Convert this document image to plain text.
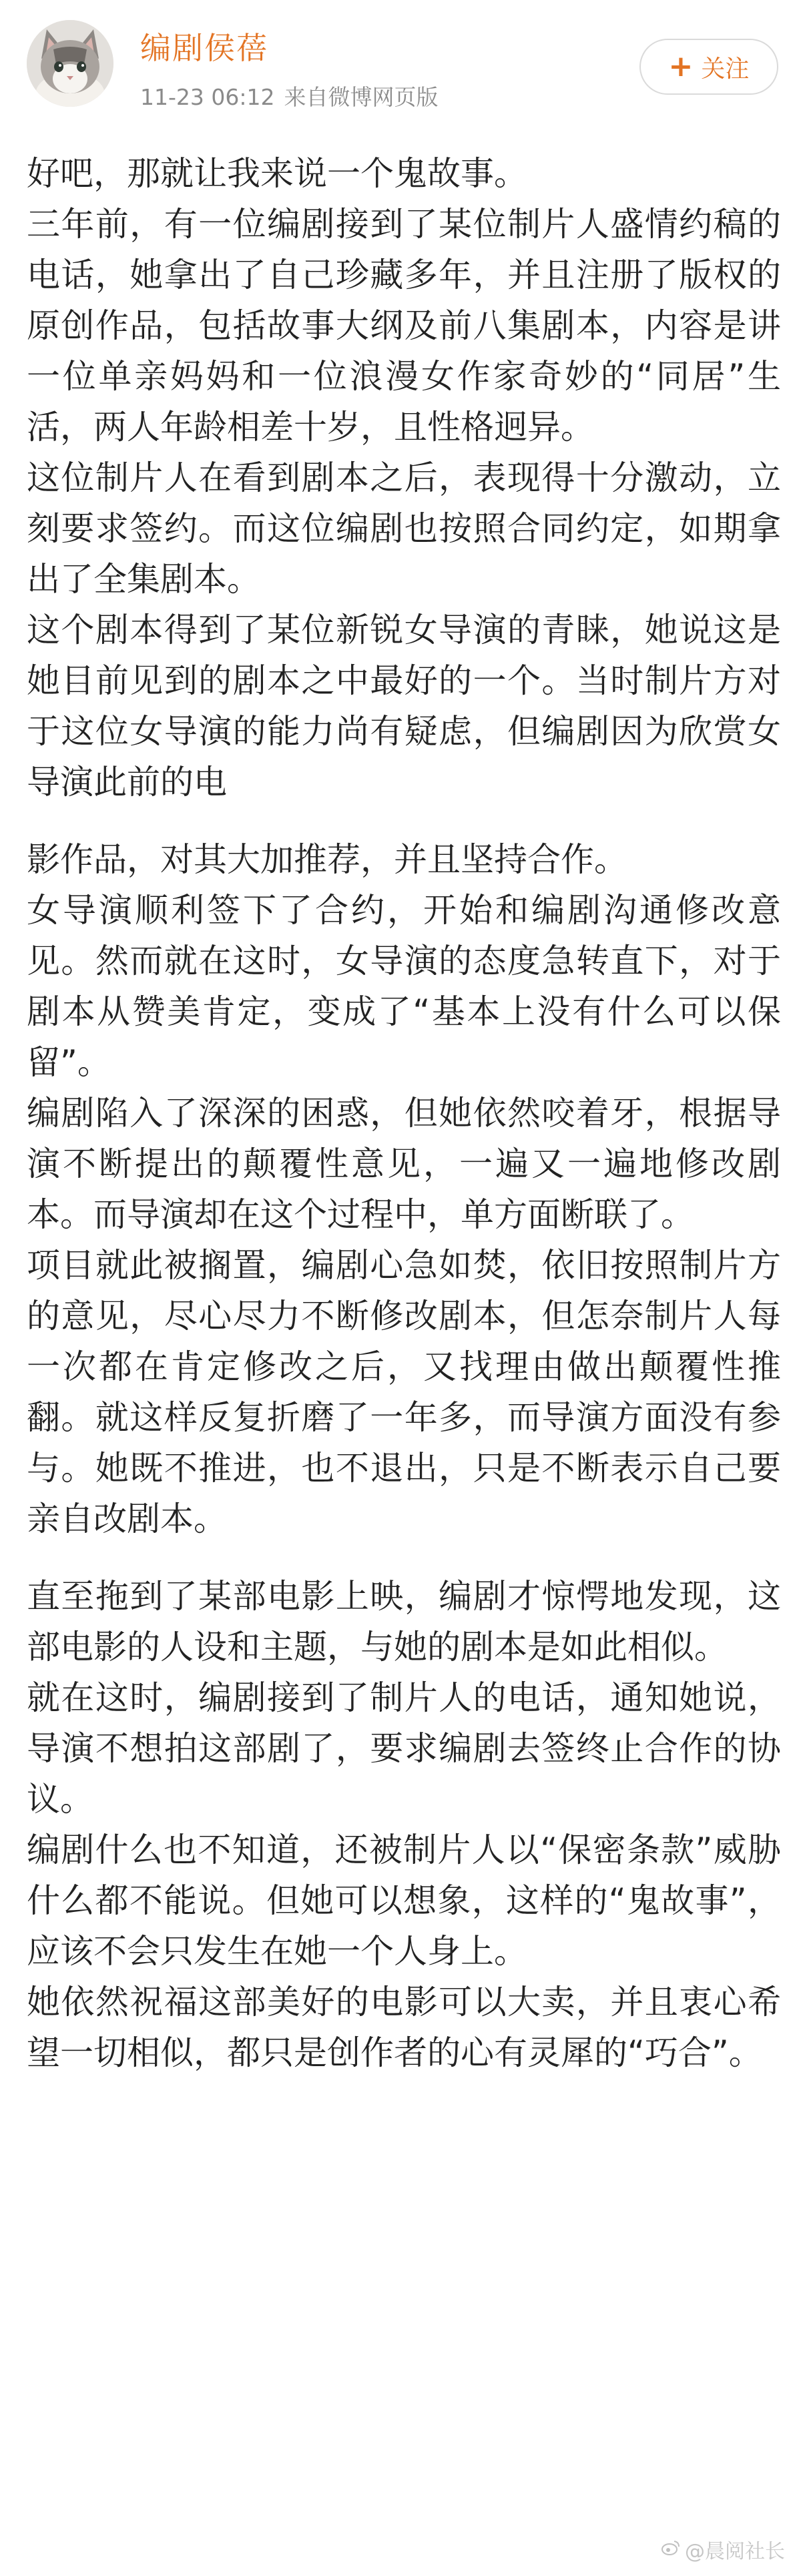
编剧侯蓓
11-23 06:12 来自微博网页版
+ 关注

好吧，那就让我来说一个鬼故事。

三年前，有一位编剧接到了某位制片人盛情约稿的电话，她拿出了自己珍藏多年，并且注册了版权的原创作品，包括故事大纲及前八集剧本，内容是讲一位单亲妈妈和一位浪漫女作家奇妙的“同居”生活，两人年龄相差十岁，且性格迥异。

这位制片人在看到剧本之后，表现得十分激动，立刻要求签约。而这位编剧也按照合同约定，如期拿出了全集剧本。

这个剧本得到了某位新锐女导演的青睐，她说这是她目前见到的剧本之中最好的一个。当时制片方对于这位女导演的能力尚有疑虑，但编剧因为欣赏女导演此前的电

影作品，对其大加推荐，并且坚持合作。

女导演顺利签下了合约，开始和编剧沟通修改意见。然而就在这时，女导演的态度急转直下，对于剧本从赞美肯定，变成了“基本上没有什么可以保留”。

编剧陷入了深深的困惑，但她依然咬着牙，根据导演不断提出的颠覆性意见，一遍又一遍地修改剧本。而导演却在这个过程中，单方面断联了。

项目就此被搁置，编剧心急如焚，依旧按照制片方的意见，尽心尽力不断修改剧本，但怎奈制片人每一次都在肯定修改之后，又找理由做出颠覆性推翻。就这样反复折磨了一年多，而导演方面没有参与。她既不推进，也不退出，只是不断表示自己要亲自改剧本。

直至拖到了某部电影上映，编剧才惊愕地发现，这部电影的人设和主题，与她的剧本是如此相似。

就在这时，编剧接到了制片人的电话，通知她说，导演不想拍这部剧了，要求编剧去签终止合作的协议。

编剧什么也不知道，还被制片人以“保密条款”威胁什么都不能说。但她可以想象，这样的“鬼故事”，应该不会只发生在她一个人身上。

她依然祝福这部美好的电影可以大卖，并且衷心希望一切相似，都只是创作者的心有灵犀的“巧合”。

@晨阅社长
